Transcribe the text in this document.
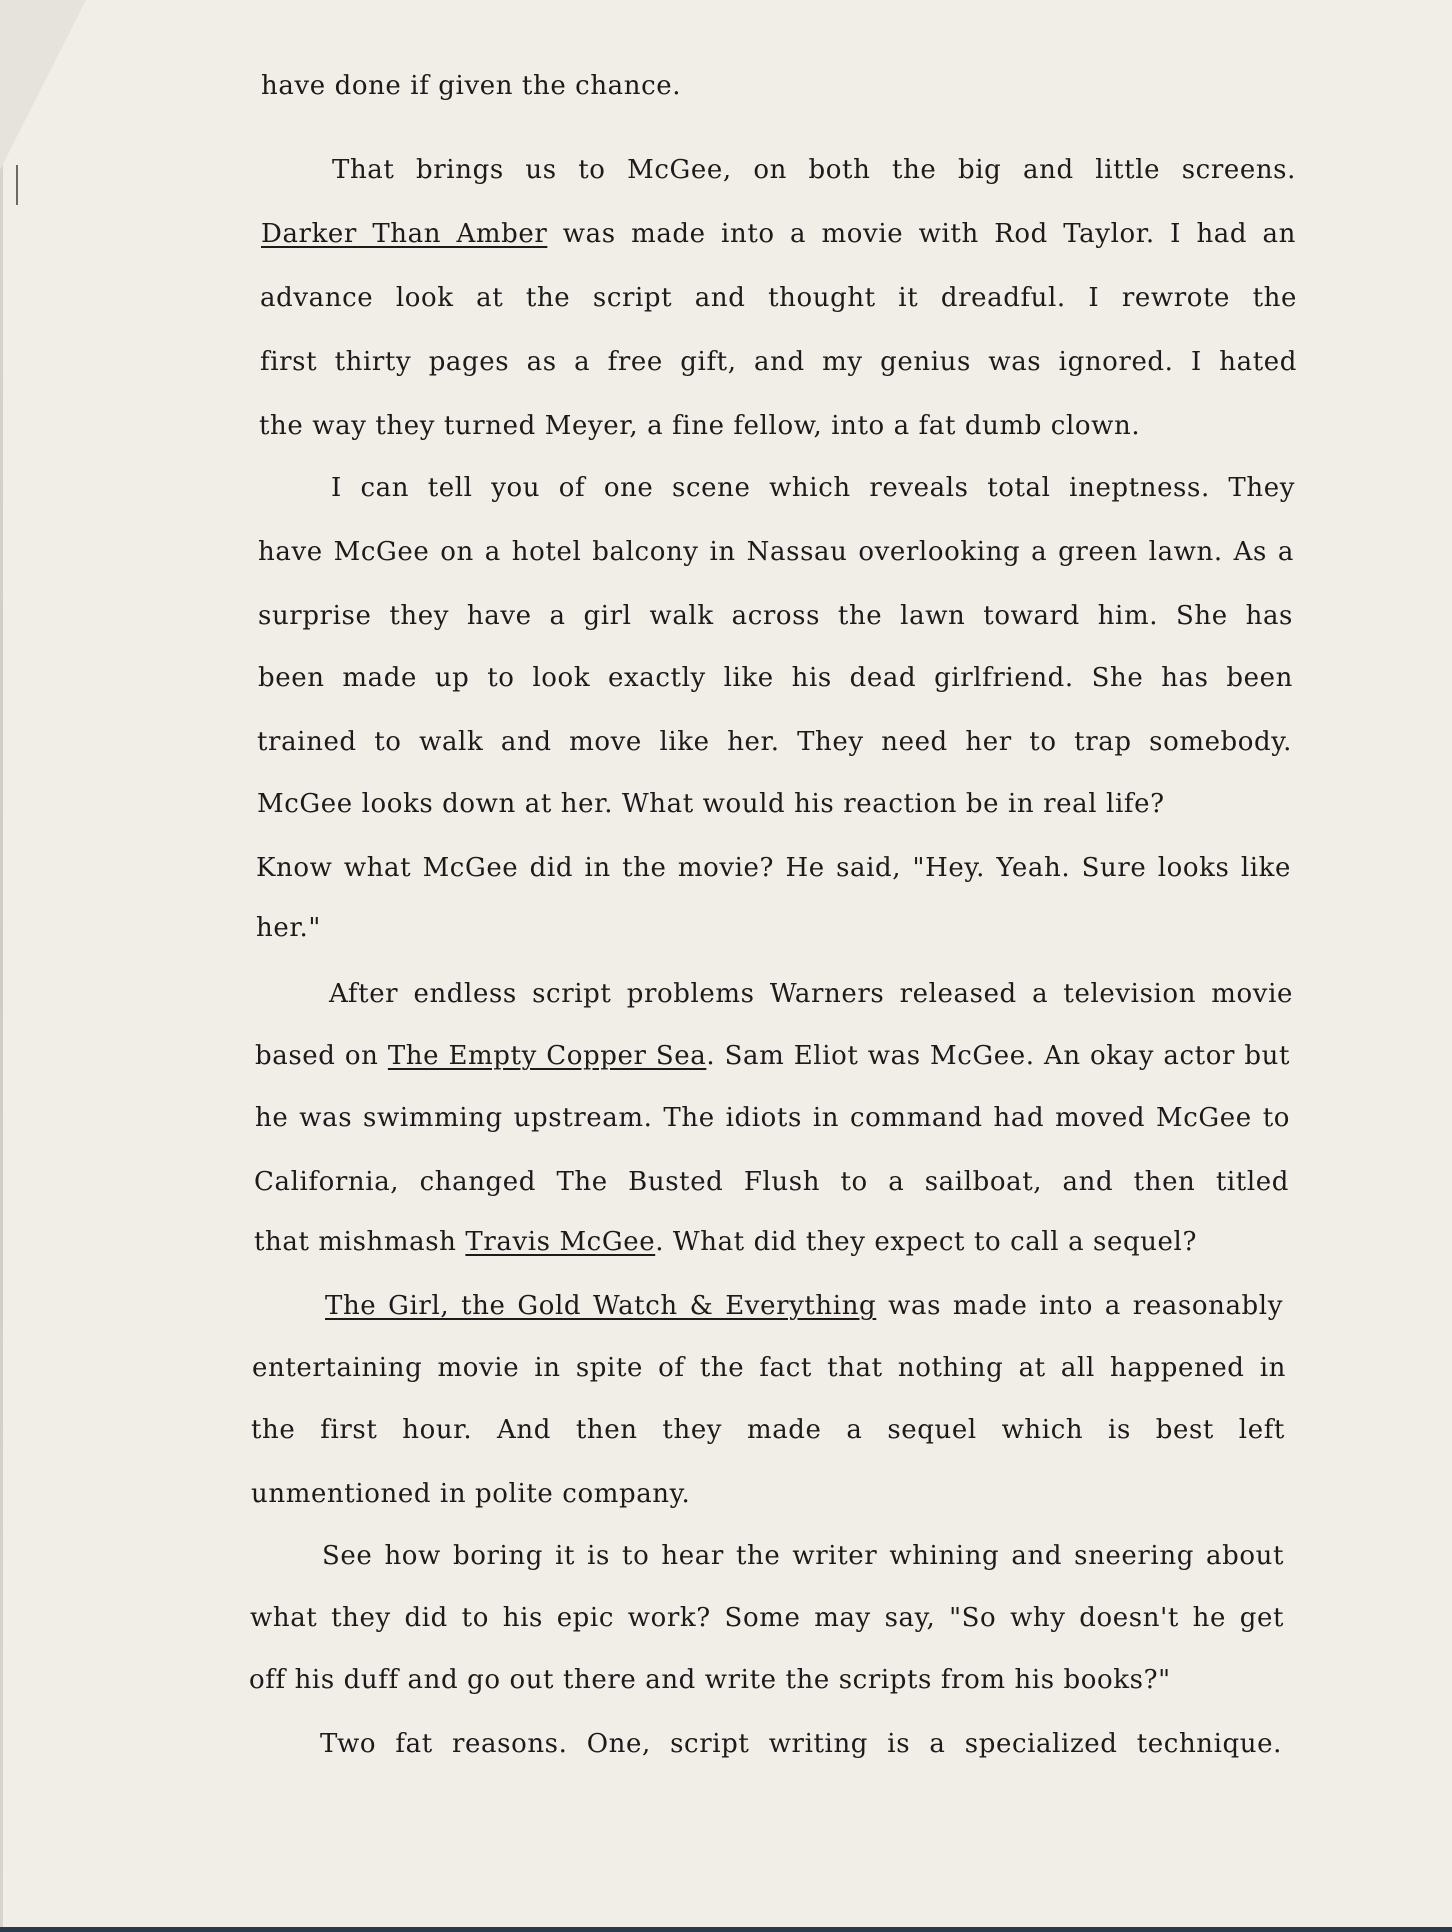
have done if given the chance.
That brings us to McGee, on both the big and little screens.
Darker Than Amber was made into a movie with Rod Taylor. I had an
advance look at the script and thought it dreadful. I rewrote the
first thirty pages as a free gift, and my genius was ignored. I hated
the way they turned Meyer, a fine fellow, into a fat dumb clown.
I can tell you of one scene which reveals total ineptness. They
have McGee on a hotel balcony in Nassau overlooking a green lawn. As a
surprise they have a girl walk across the lawn toward him. She has
been made up to look exactly like his dead girlfriend. She has been
trained to walk and move like her. They need her to trap somebody.
McGee looks down at her. What would his reaction be in real life?
Know what McGee did in the movie? He said, "Hey. Yeah. Sure looks like
her."
After endless script problems Warners released a television movie
based on The Empty Copper Sea. Sam Eliot was McGee. An okay actor but
he was swimming upstream. The idiots in command had moved McGee to
California, changed The Busted Flush to a sailboat, and then titled
that mishmash Travis McGee. What did they expect to call a sequel?
The Girl, the Gold Watch & Everything was made into a reasonably
entertaining movie in spite of the fact that nothing at all happened in
the first hour. And then they made a sequel which is best left
unmentioned in polite company.
See how boring it is to hear the writer whining and sneering about
what they did to his epic work? Some may say, "So why doesn't he get
off his duff and go out there and write the scripts from his books?"
Two fat reasons. One, script writing is a specialized technique.
